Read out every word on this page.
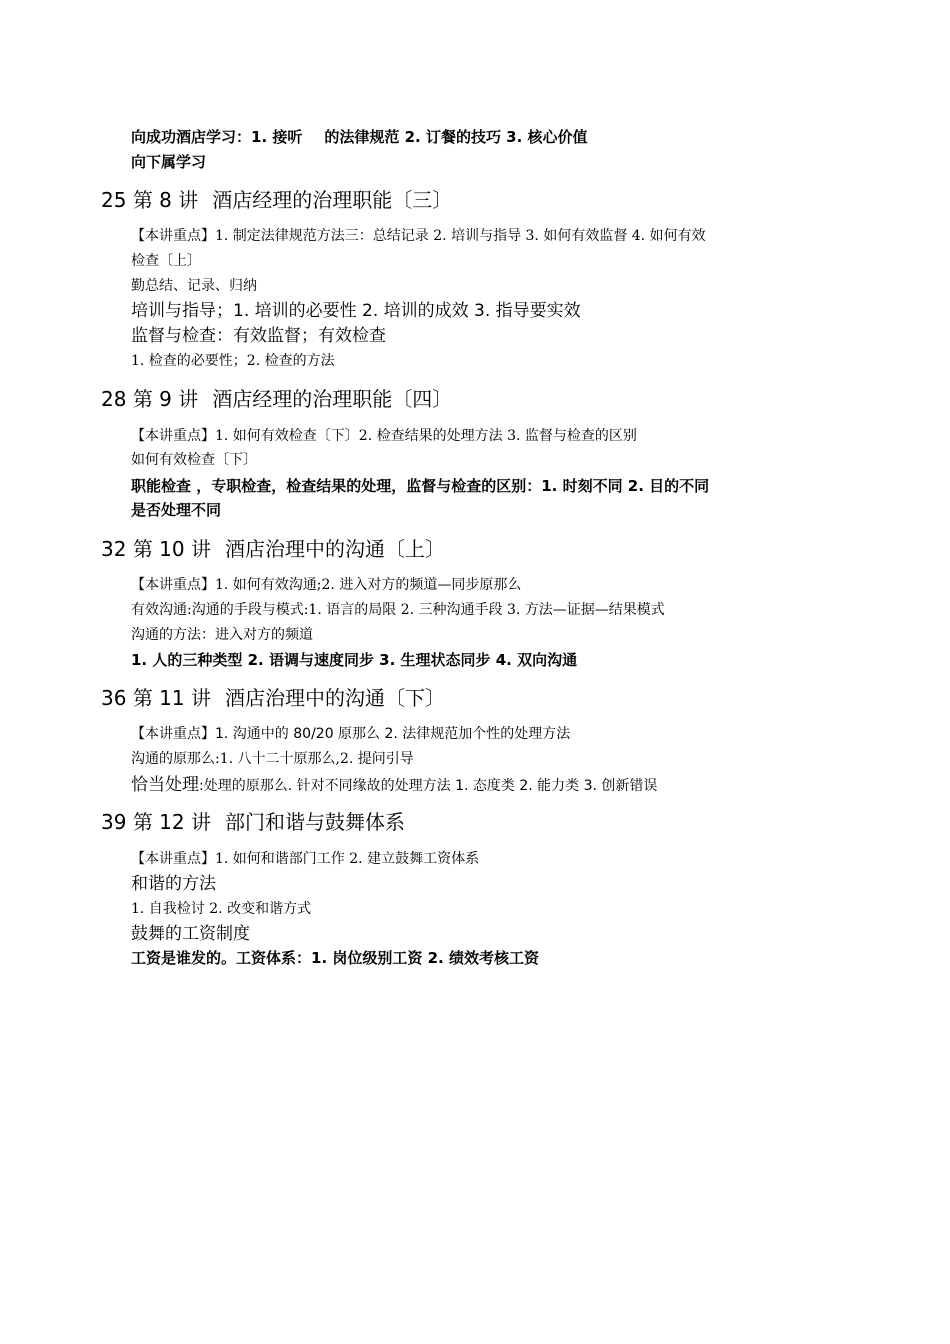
向成功酒店学习：1. 接听 的法律规范 2. 订餐的技巧 3. 核心价值
向下属学习
25 第 8 讲 酒店经理的治理职能〔三〕
【本讲重点】1. 制定法律规范方法三：总结记录 2. 培训与指导 3. 如何有效监督 4. 如何有效
检查〔上〕
勤总结、记录、归纳
培训与指导；1. 培训的必要性 2. 培训的成效 3. 指导要实效
监督与检查：有效监督；有效检查
1. 检查的必要性；2. 检查的方法
28 第 9 讲 酒店经理的治理职能〔四〕
【本讲重点】1. 如何有效检查〔下〕2. 检查结果的处理方法 3. 监督与检查的区别
如何有效检查〔下〕
职能检查 ，专职检查，检查结果的处理，监督与检查的区别：1. 时刻不同 2. 目的不同
是否处理不同
32 第 10 讲 酒店治理中的沟通〔上〕
【本讲重点】1. 如何有效沟通;2. 进入对方的频道—同步原那么
有效沟通:沟通的手段与模式:1. 语言的局限 2. 三种沟通手段 3. 方法—证据—结果模式
沟通的方法：进入对方的频道
1. 人的三种类型 2. 语调与速度同步 3. 生理状态同步 4. 双向沟通
36 第 11 讲 酒店治理中的沟通〔下〕
【本讲重点】1. 沟通中的 80/20 原那么 2. 法律规范加个性的处理方法
沟通的原那么:1. 八十二十原那么,2. 提问引导
恰当处理:处理的原那么. 针对不同缘故的处理方法 1. 态度类 2. 能力类 3. 创新错误
39 第 12 讲 部门和谐与鼓舞体系
【本讲重点】1. 如何和谐部门工作 2. 建立鼓舞工资体系
和谐的方法
1. 自我检讨 2. 改变和谐方式
鼓舞的工资制度
工资是谁发的。工资体系：1. 岗位级别工资 2. 绩效考核工资
